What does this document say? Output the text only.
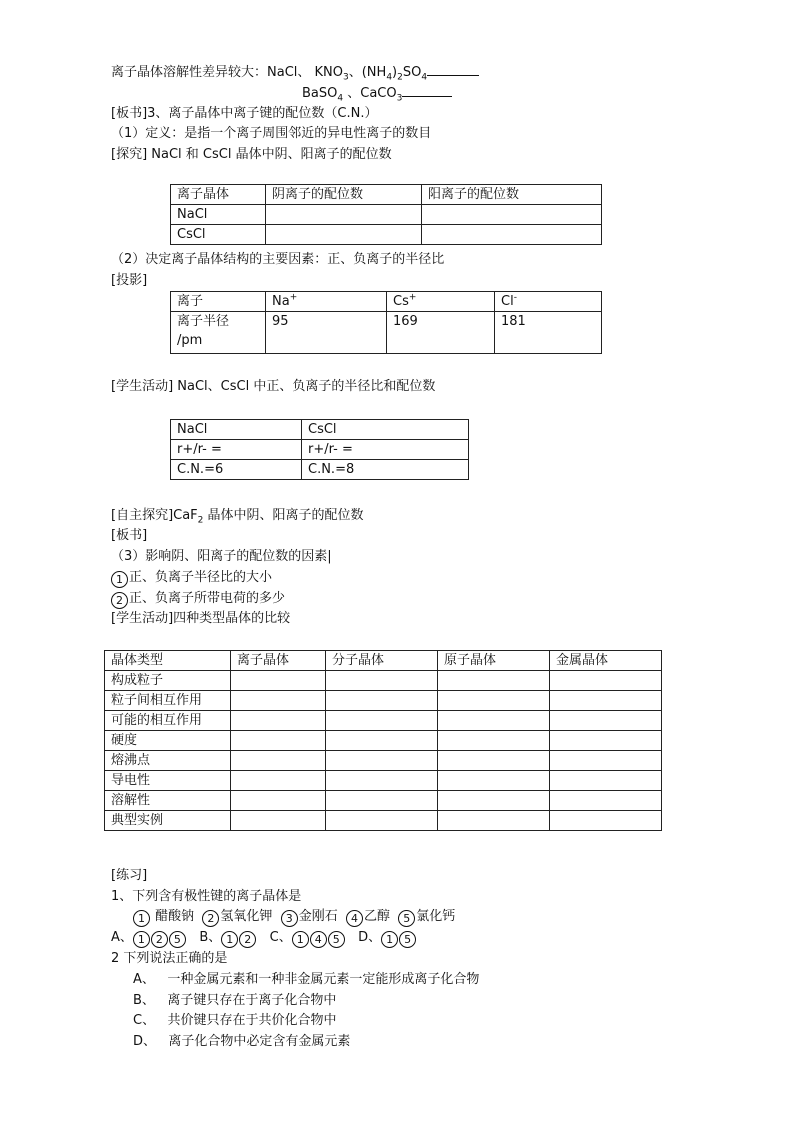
离子晶体溶解性差异较大：NaCl、 $KNO_3$、$(NH_4)_2SO_4$
BaSO$_4$ 、CaCO$_3$
[板书]3、离子晶体中离子键的配位数（C.N.）
（1）定义：是指一个离子周围邻近的异电性离子的数目
[探究] NaCl 和 CsCl 晶体中阴、阳离子的配位数
离子晶体	阴离子的配位数	阳离子的配位数
NaCl		
CsCl		
（2）决定离子晶体结构的主要因素：正、负离子的半径比
[投影]
离子	Na+	Cs+	Cl-
离子半径
/pm	95	169	181
[学生活动] NaCl、CsCl 中正、负离子的半径比和配位数
NaCl	CsCl
r+/r- =	r+/r- =
C.N.=6	C.N.=8
[自主探究]CaF$_2$ 晶体中阴、阳离子的配位数
[板书]
（3）影响阴、阳离子的配位数的因素|
1 正、负离子半径比的大小
2 正、负离子所带电荷的多少
[学生活动]四种类型晶体的比较
晶体类型	离子晶体	分子晶体	原子晶体	金属晶体
构成粒子				
粒子间相互作用				
可能的相互作用				
硬度				
熔沸点				
导电性				
溶解性				
典型实例				
[练习]
1、下列含有极性键的离子晶体是
1 醋酸钠 2 氢氧化钾 3 金刚石 4 乙醇 5 氯化钙
A、 1 2 5 B、 1 2 C、 1 4 5 D、 1 5
2 下列说法正确的是
A、 一种金属元素和一种非金属元素一定能形成离子化合物
B、 离子键只存在于离子化合物中
C、 共价键只存在于共价化合物中
D、 离子化合物中必定含有金属元素
